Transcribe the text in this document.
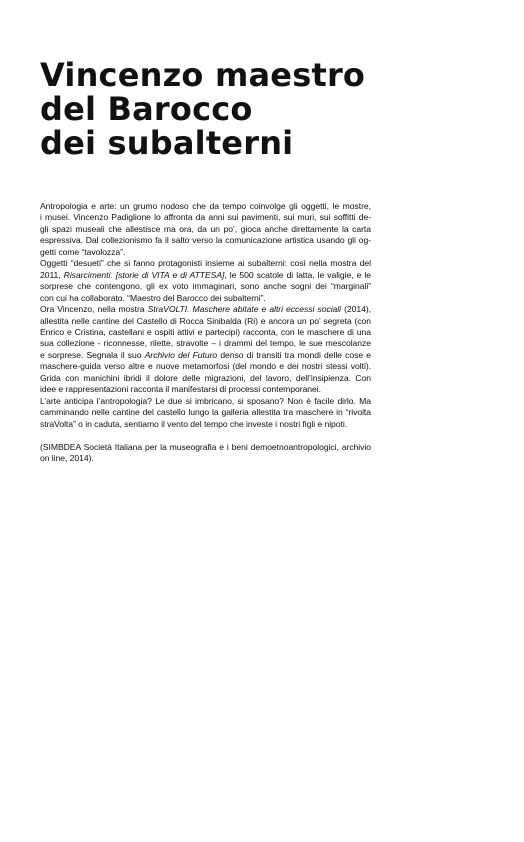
Vincenzo maestro
del Barocco
dei subalterni

Antropologia e arte: un grumo nodoso che da tempo coinvolge gli oggetti, le mostre,
i musei. Vincenzo Padiglione lo affronta da anni sui pavimenti, sui muri, sui soffitti de-
gli spazi museali che allestisce ma ora, da un po’, gioca anche direttamente la carta
espressiva. Dal collezionismo fa il salto verso la comunicazione artistica usando gli og-
getti come “tavolozza”.

Oggetti “desueti” che si fanno protagonisti insieme ai subalterni: così nella mostra del
2011, Risarcimenti. [storie di VITA e di ATTESA], le 500 scatole di latta, le valigie, e le
sorprese che contengono, gli ex voto immaginari, sono anche sogni dei “marginali”
con cui ha collaborato. “Maestro del Barocco dei subalterni”.

Ora Vincenzo, nella mostra StraVOLTI. Maschere abitate e altri eccessi sociali (2014),
allestita nelle cantine del Castello di Rocca Sinibalda (Ri) e ancora un po’ segreta (con
Enrico e Cristina, castellani e ospiti attivi e partecipi) racconta, con le maschere di una
sua collezione - riconnesse, rilette, stravolte – i drammi del tempo, le sue mescolanze
e sorprese. Segnala il suo Archivio del Futuro denso di transiti tra mondi delle cose e
maschere-guida verso altre e nuove metamorfosi (del mondo e dei nostri stessi volti).
Grida con manichini ibridi il dolore delle migrazioni, del lavoro, dell’insipienza. Con
idee e rappresentazioni racconta il manifestarsi di processi contemporanei.

L’arte anticipa l’antropologia? Le due si imbricano, si sposano? Non è facile dirlo. Ma
camminando nelle cantine del castello lungo la galleria allestita tra maschere in “rivolta
straVolta” o in caduta, sentiamo il vento del tempo che investe i nostri figli e nipoti.

(SIMBDEA Società Italiana per la museografia e i beni demoetnoantropologici, archivio
on line, 2014).
